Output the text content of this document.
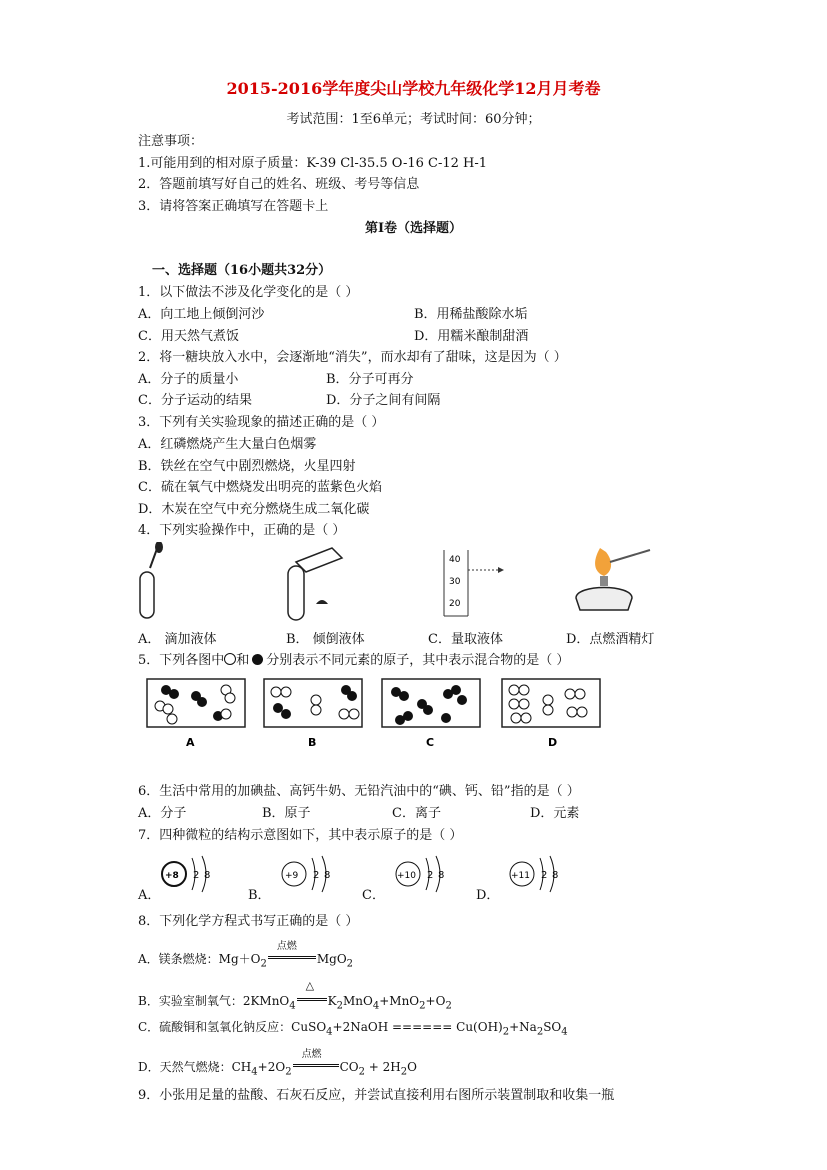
2015-2016学年度尖山学校九年级化学12月月考卷
考试范围：1至6单元；考试时间：60分钟；
注意事项：
1.可能用到的相对原子质量：K-39 Cl-35.5 O-16 C-12 H-1
2．答题前填写好自己的姓名、班级、考号等信息
3．请将答案正确填写在答题卡上
第Ⅰ卷（选择题）
一、选择题（16小题共32分）
1．以下做法不涉及化学变化的是（ ）
A．向工地上倾倒河沙	B．用稀盐酸除水垢
C．用天然气煮饭	D．用糯米酿制甜酒
2．将一糖块放入水中，会逐渐地“消失”，而水却有了甜味，这是因为（ ）
A．分子的质量小	B．分子可再分
C．分子运动的结果	D．分子之间有间隔
3．下列有关实验现象的描述正确的是（ ）
A．红磷燃烧产生大量白色烟雾
B．铁丝在空气中剧烈燃烧，火星四射
C．硫在氧气中燃烧发出明亮的蓝紫色火焰
D．木炭在空气中充分燃烧生成二氧化碳
4．下列实验操作中，正确的是（ ）
40
30
20
A． 滴加液体	B． 倾倒液体	C．量取液体	D．点燃酒精灯
5．下列各图中 和 分别表示不同元素的原子，其中表示混合物的是（ ）
A	B	C	D
6．生活中常用的加碘盐、高钙牛奶、无铅汽油中的“碘、钙、铅”指的是（ ）
A．分子	B．原子	C．离子	D．元素
7．四种微粒的结构示意图如下，其中表示原子的是（ ）
A．	B．	C．	D．
+8 2 8	+9 2 8	+10 2 8	+11 2 8
8．下列化学方程式书写正确的是（ ）
A．镁条燃烧：$Mg+O_2$
点燃
MgO$_2$
B．实验室制氧气：2KMnO$_4$
△
$K_2MnO_4+MnO_2+O_2$
C．硫酸铜和氢氧化钠反应：CuSO$_4$+2NaOH ====== $Cu(OH)_2+Na_2SO_4$
D．天然气燃烧：$CH_4+2O_2$
点燃
$CO_2 + 2H_2O$
9．小张用足量的盐酸、石灰石反应，并尝试直接利用右图所示装置制取和收集一瓶
